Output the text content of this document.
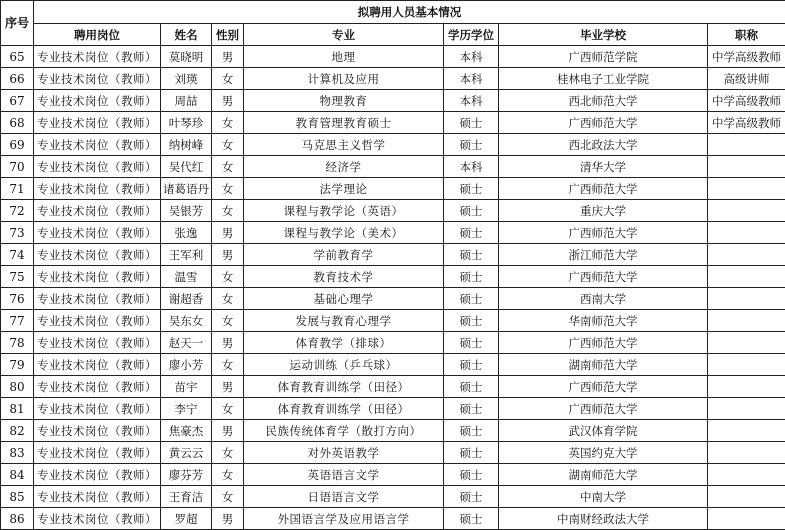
序号	拟聘用人员基本情况						
	聘用岗位	姓名	性别	专业	学历学位	毕业学校	职称
65	专业技术岗位（教师）	莫晓明	男	地理	本科	广西师范学院	中学高级教师
66	专业技术岗位（教师）	刘瑛	女	计算机及应用	本科	桂林电子工业学院	高级讲师
67	专业技术岗位（教师）	周喆	男	物理教育	本科	西北师范大学	中学高级教师
68	专业技术岗位（教师）	叶琴珍	女	教育管理教育硕士	硕士	广西师范大学	中学高级教师
69	专业技术岗位（教师）	纳树峰	女	马克思主义哲学	硕士	西北政法大学	
70	专业技术岗位（教师）	吴代红	女	经济学	本科	清华大学	
71	专业技术岗位（教师）	诸葛语丹	女	法学理论	硕士	广西师范大学	
72	专业技术岗位（教师）	吴银芳	女	课程与教学论（英语）	硕士	重庆大学	
73	专业技术岗位（教师）	张逸	男	课程与教学论（美术）	硕士	广西师范大学	
74	专业技术岗位（教师）	王军利	男	学前教育学	硕士	浙江师范大学	
75	专业技术岗位（教师）	温雪	女	教育技术学	硕士	广西师范大学	
76	专业技术岗位（教师）	谢超香	女	基础心理学	硕士	西南大学	
77	专业技术岗位（教师）	吴东女	女	发展与教育心理学	硕士	华南师范大学	
78	专业技术岗位（教师）	赵天一	男	体育教学（排球）	硕士	广西师范大学	
79	专业技术岗位（教师）	廖小芳	女	运动训练（乒乓球）	硕士	湖南师范大学	
80	专业技术岗位（教师）	苗宇	男	体育教育训练学（田径）	硕士	广西师范大学	
81	专业技术岗位（教师）	李宁	女	体育教育训练学（田径）	硕士	广西师范大学	
82	专业技术岗位（教师）	焦豪杰	男	民族传统体育学（散打方向）	硕士	武汉体育学院	
83	专业技术岗位（教师）	黄云云	女	对外英语教学	硕士	英国约克大学	
84	专业技术岗位（教师）	廖芬芳	女	英语语言文学	硕士	湖南师范大学	
85	专业技术岗位（教师）	王育洁	女	日语语言文学	硕士	中南大学	
86	专业技术岗位（教师）	罗超	男	外国语言学及应用语言学	硕士	中南财经政法大学	
